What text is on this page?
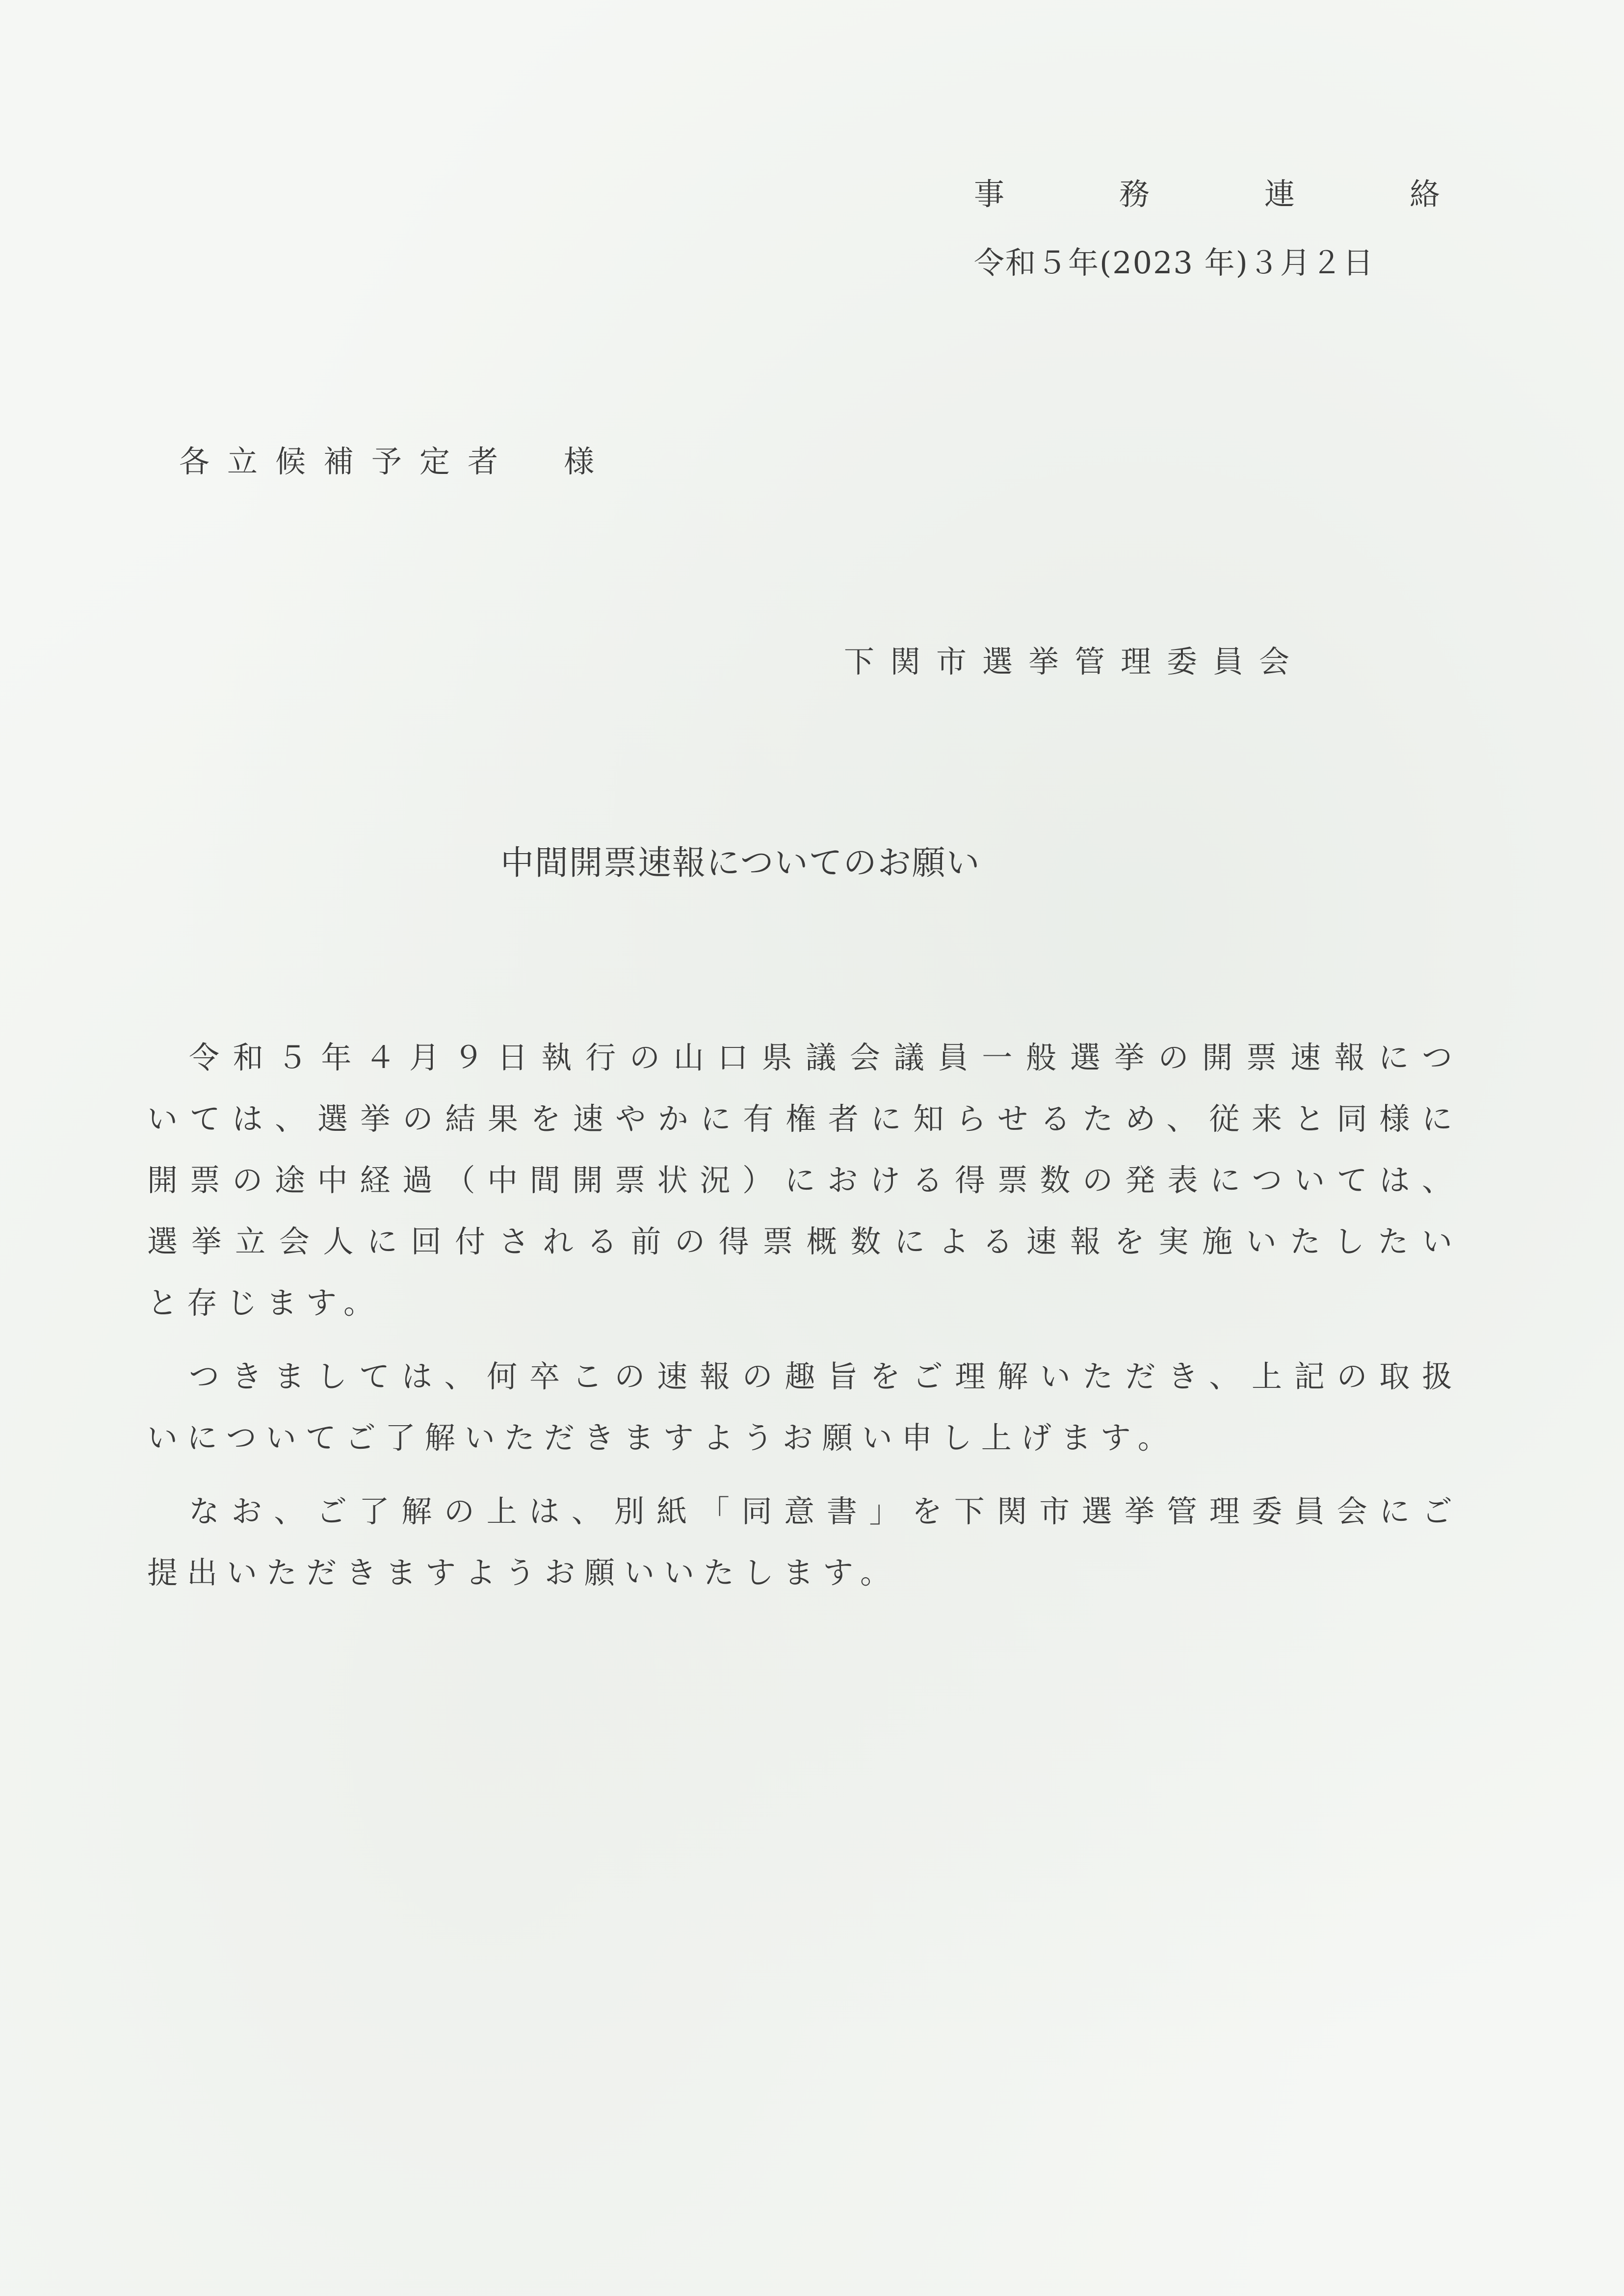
事	務	連	絡
令和５年(2023 年)３月２日
各立候補予定者　様
下関市選挙管理委員会
中間開票速報についてのお願い
令和５年４月９日執行の山口県議会議員一般選挙の開票速報につ
いては、選挙の結果を速やかに有権者に知らせるため、従来と同様に
開票の途中経過（中間開票状況）における得票数の発表については、
選挙立会人に回付される前の得票概数による速報を実施いたしたい
と存じます。
つきましては、何卒この速報の趣旨をご理解いただき、上記の取扱
いについてご了解いただきますようお願い申し上げます。
なお、ご了解の上は、別紙「同意書」を下関市選挙管理委員会にご
提出いただきますようお願いいたします。
